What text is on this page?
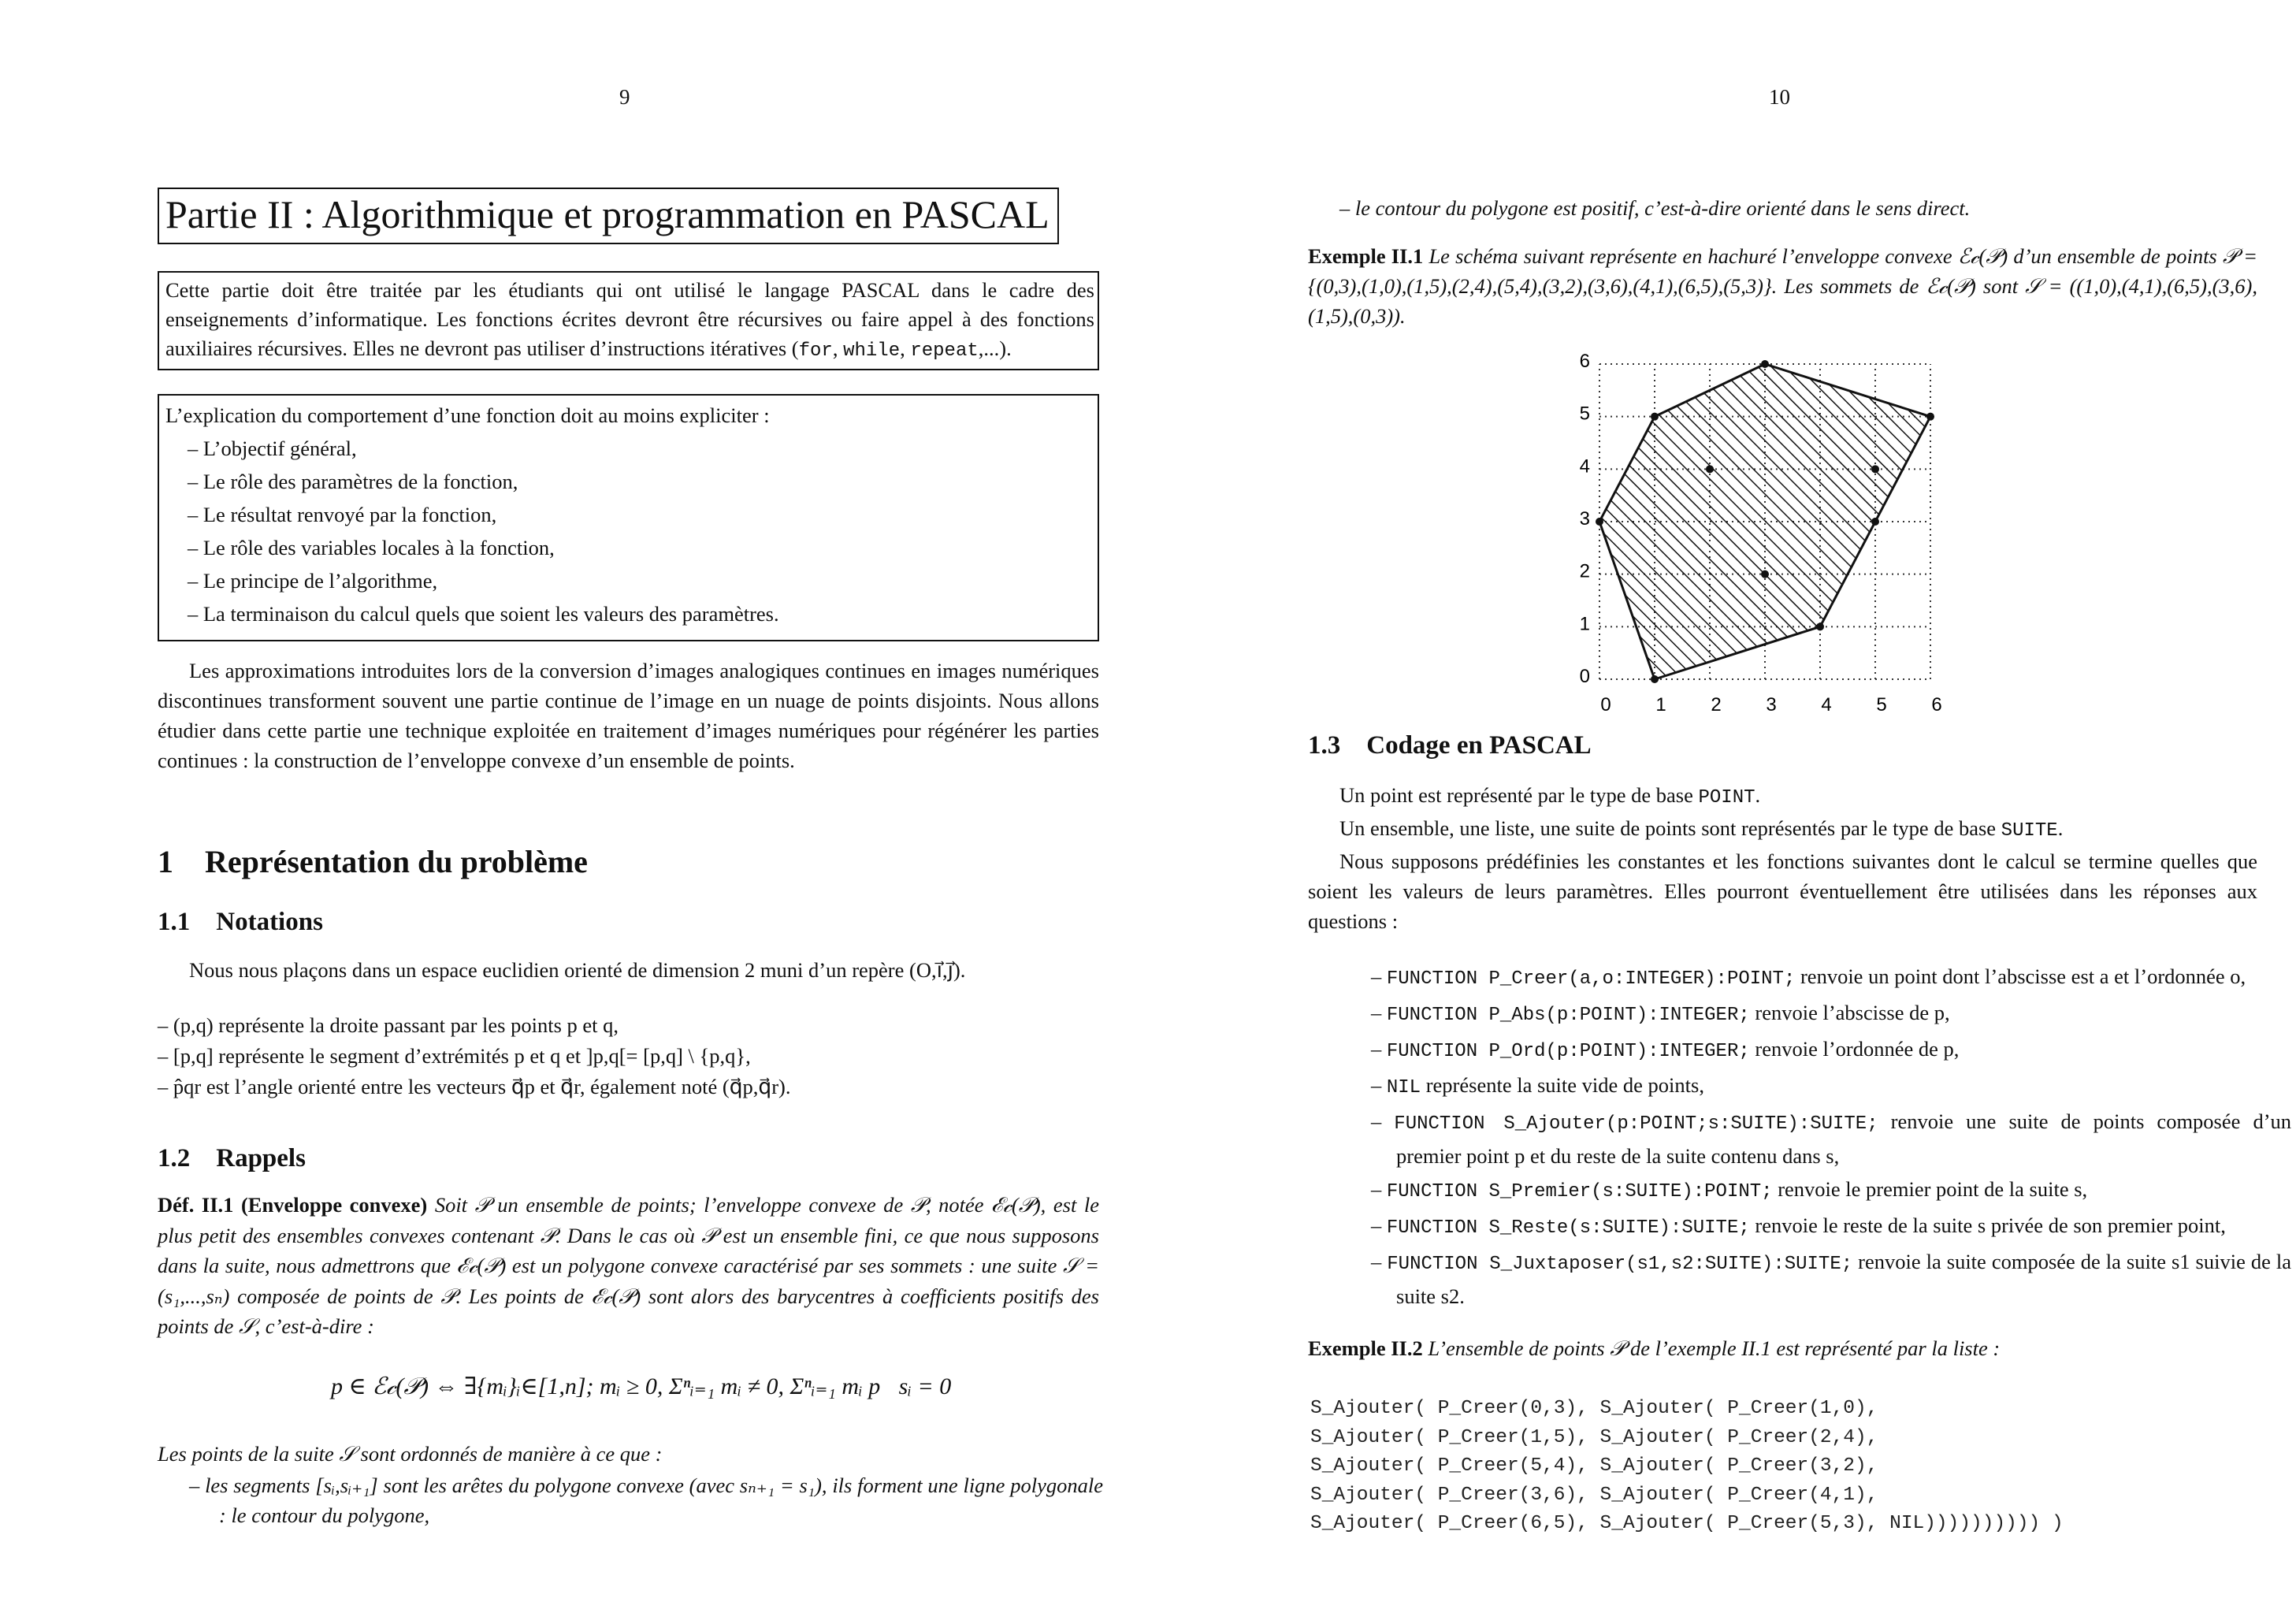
9	10
Partie II : Algorithmique et programmation en PASCAL
Cette partie doit être traitée par les étudiants qui ont utilisé le langage PASCAL dans le cadre des enseignements d’informatique. Les fonctions écrites devront être récursives ou faire appel à des fonctions auxiliaires récursives. Elles ne devront pas utiliser d’instructions itératives (for, while, repeat,...).
L’explication du comportement d’une fonction doit au moins expliciter :
– L’objectif général,
– Le rôle des paramètres de la fonction,
– Le résultat renvoyé par la fonction,
– Le rôle des variables locales à la fonction,
– Le principe de l’algorithme,
– La terminaison du calcul quels que soient les valeurs des paramètres.
Les approximations introduites lors de la conversion d’images analogiques continues en images numériques discontinues transforment souvent une partie continue de l’image en un nuage de points disjoints. Nous allons étudier dans cette partie une technique exploitée en traitement d’images numériques pour régénérer les parties continues : la construction de l’enveloppe convexe d’un ensemble de points.
1    Représentation du problème
1.1    Notations
Nous nous plaçons dans un espace euclidien orienté de dimension 2 muni d’un repère (O,i⃗,j⃗).
– (p,q) représente la droite passant par les points p et q,
– [p,q] représente le segment d’extrémités p et q et ]p,q[= [p,q] \ {p,q},
– p̂qr est l’angle orienté entre les vecteurs q⃗p et q⃗r, également noté (q⃗p,q⃗r).
1.2    Rappels
Déf. II.1 (Enveloppe convexe) Soit 𝒫 un ensemble de points; l’enveloppe convexe de 𝒫, notée ℰ𝒸(𝒫), est le plus petit des ensembles convexes contenant 𝒫. Dans le cas où 𝒫 est un ensemble fini, ce que nous supposons dans la suite, nous admettrons que ℰ𝒸(𝒫) est un polygone convexe caractérisé par ses sommets : une suite 𝒮 = (s₁,...,sₙ) composée de points de 𝒫. Les points de ℰ𝒸(𝒫) sont alors des barycentres à coefficients positifs des points de 𝒮, c’est-à-dire :
p ∈ ℰ𝒸(𝒫) ⇔ ∃{mᵢ}ᵢ∈[1,n]; mᵢ ≥ 0, Σⁿᵢ₌₁ mᵢ ≠ 0, Σⁿᵢ₌₁ mᵢ p⃗sᵢ = 0⃗
Les points de la suite 𝒮 sont ordonnés de manière à ce que :
– les segments [sᵢ,sᵢ₊₁] sont les arêtes du polygone convexe (avec sₙ₊₁ = s₁), ils forment une ligne polygonale : le contour du polygone,
– le contour du polygone est positif, c’est-à-dire orienté dans le sens direct.
Exemple II.1 Le schéma suivant représente en hachuré l’enveloppe convexe ℰ𝒸(𝒫) d’un ensemble de points 𝒫 = {(0,3),(1,0),(1,5),(2,4),(5,4),(3,2),(3,6),(4,1),(6,5),(5,3)}. Les sommets de ℰ𝒸(𝒫) sont 𝒮 = ((1,0),(4,1),(6,5),(3,6),(1,5),(0,3)).
1.3    Codage en PASCAL
Un point est représenté par le type de base POINT.
Un ensemble, une liste, une suite de points sont représentés par le type de base SUITE.
Nous supposons prédéfinies les constantes et les fonctions suivantes dont le calcul se termine quelles que soient les valeurs de leurs paramètres. Elles pourront éventuellement être utilisées dans les réponses aux questions :
– FUNCTION P_Creer(a,o:INTEGER):POINT; renvoie un point dont l’abscisse est a et l’ordonnée o,
– FUNCTION P_Abs(p:POINT):INTEGER; renvoie l’abscisse de p,
– FUNCTION P_Ord(p:POINT):INTEGER; renvoie l’ordonnée de p,
– NIL représente la suite vide de points,
– FUNCTION S_Ajouter(p:POINT;s:SUITE):SUITE; renvoie une suite de points composée d’un premier point p et du reste de la suite contenu dans s,
– FUNCTION S_Premier(s:SUITE):POINT; renvoie le premier point de la suite s,
– FUNCTION S_Reste(s:SUITE):SUITE; renvoie le reste de la suite s privée de son premier point,
– FUNCTION S_Juxtaposer(s1,s2:SUITE):SUITE; renvoie la suite composée de la suite s1 suivie de la suite s2.
Exemple II.2 L’ensemble de points 𝒫 de l’exemple II.1 est représenté par la liste :
S_Ajouter( P_Creer(0,3), S_Ajouter( P_Creer(1,0),
S_Ajouter( P_Creer(1,5), S_Ajouter( P_Creer(2,4),
S_Ajouter( P_Creer(5,4), S_Ajouter( P_Creer(3,2),
S_Ajouter( P_Creer(3,6), S_Ajouter( P_Creer(4,1),
S_Ajouter( P_Creer(6,5), S_Ajouter( P_Creer(5,3), NIL)))))))))) )
0 1 2 3 4 5 6
0
1
2
3
4
5
6
